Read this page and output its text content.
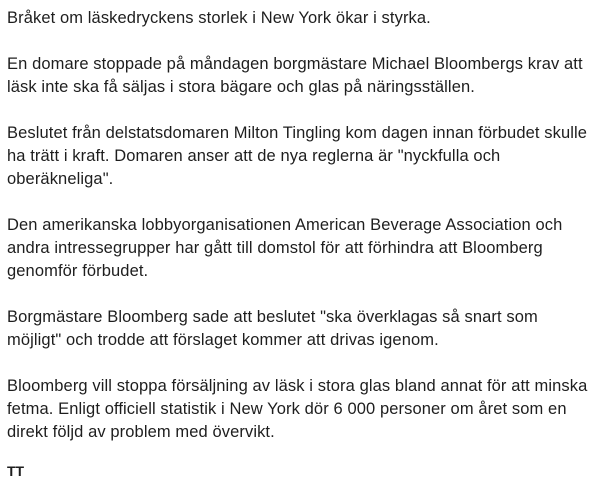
Bråket om läskedryckens storlek i New York ökar i styrka.

En domare stoppade på måndagen borgmästare Michael Bloombergs krav att läsk inte ska få säljas i stora bägare och glas på näringsställen.

Beslutet från delstatsdomaren Milton Tingling kom dagen innan förbudet skulle ha trätt i kraft. Domaren anser att de nya reglerna är "nyckfulla och oberäkneliga".

Den amerikanska lobbyorganisationen American Beverage Association och andra intressegrupper har gått till domstol för att förhindra att Bloomberg genomför förbudet.

Borgmästare Bloomberg sade att beslutet "ska överklagas så snart som möjligt" och trodde att förslaget kommer att drivas igenom.

Bloomberg vill stoppa försäljning av läsk i stora glas bland annat för att minska fetma. Enligt officiell statistik i New York dör 6 000 personer om året som en direkt följd av problem med övervikt.

TT
